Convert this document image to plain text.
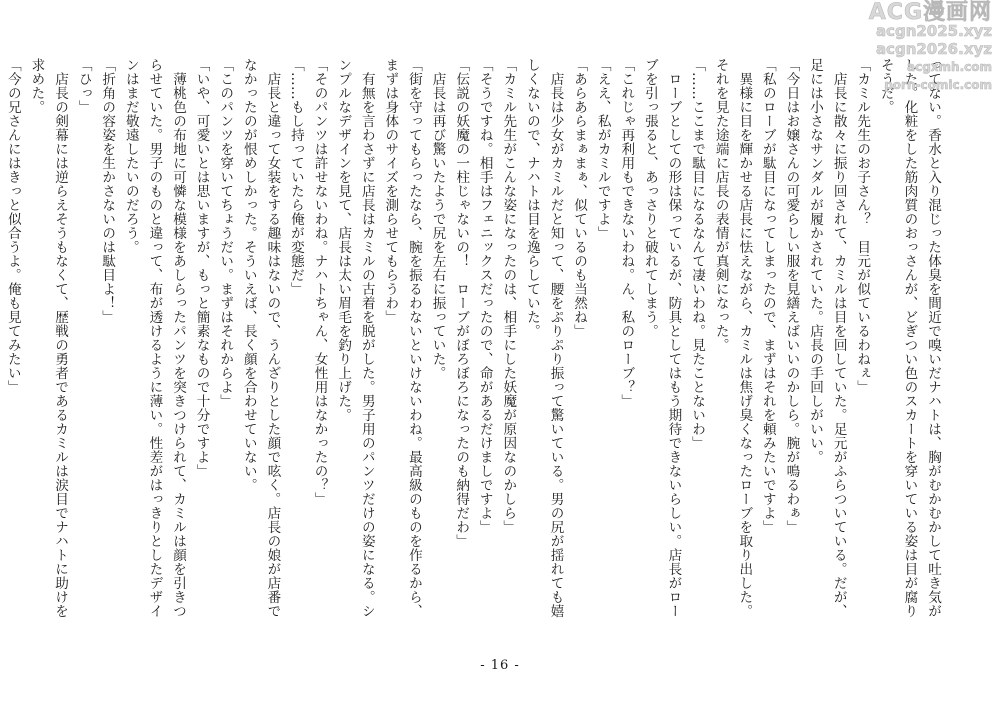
ってない。香水と入り混じった体臭を間近で嗅いだナハトは、胸がむかむかして吐き気が

した。化粧をした筋肉質のおっさんが、どぎつい色のスカートを穿いている姿は目が腐り

そうだ。

「カミル先生のお子さん？　目元が似ているわねぇ」

　店長に散々に振り回されて、カミルは目を回していた。足元がふらついている。だが、

足には小さなサンダルが履かされていた。店長の手回しがいい。

「今日はお嬢さんの可愛らしい服を見繕えばいいのかしら。腕が鳴るわぁ」

「私のローブが駄目になってしまったので、まずはそれを頼みたいですよ」

　異様に目を輝かせる店長に怯えながら、カミルは焦げ臭くなったローブを取り出した。

それを見た途端に店長の表情が真剣になった。

「……ここまで駄目になるなんて凄いわね。見たことないわ」

　ローブとしての形は保っているが、防具としてはもう期待できないらしい。店長がロー

ブを引っ張ると、あっさりと破れてしまう。

「これじゃ再利用もできないわね。ん、私のローブ？」

「ええ、私がカミルですよ」

「あらあらまぁまぁ、似ているのも当然ね」

　店長は少女がカミルだと知って、腰をぷりぷり振って驚いている。男の尻が揺れても嬉

しくないので、ナハトは目を逸らしていた。

「カミル先生がこんな姿になったのは、相手にした妖魔が原因なのかしら」

「そうですね。相手はフェニックスだったので、命があるだけましですよ」

「伝説の妖魔の一柱じゃないの！　ローブがぼろぼろになったのも納得だわ」

　店長は再び驚いたようで尻を左右に振っていた。

「街を守ってもらったなら、腕を振るわないといけないわね。最高級のものを作るから、

まずは身体のサイズを測らせてもらうわ」

　有無を言わさずに店長はカミルの古着を脱がした。男子用のパンツだけの姿になる。シ

ンプルなデザインを見て、店長は太い眉毛を釣り上げた。

「そのパンツは許せないわね。ナハトちゃん、女性用はなかったの？」

「……もし持っていたら俺が変態だ」

　店長と違って女装をする趣味はないので、うんざりとした顔で呟く。店長の娘が店番で

なかったのが恨めしかった。そういえば、長く顔を合わせていない。

「このパンツを穿いてちょうだい。まずはそれからよ」

「いや、可愛いとは思いますが、もっと簡素なもので十分ですよ」

　薄桃色の布地に可憐な模様をあしらったパンツを突きつけられて、カミルは顔を引きつ

らせていた。男子のものと違って、布が透けるように薄い。性差がはっきりとしたデザイ

ンはまだ敬遠したいのだろう。

「折角の容姿を生かさないのは駄目よ！」

「ひっ」

　店長の剣幕には逆らえそうもなくて、歴戦の勇者であるカミルは涙目でナハトに助けを

求めた。

「今の兄さんにはきっと似合うよ。俺も見てみたい」

- 16 -
ACG漫画网
acgn2025.xyz
acgn2026.xyz
acgxmh.com
porn-comic.com
